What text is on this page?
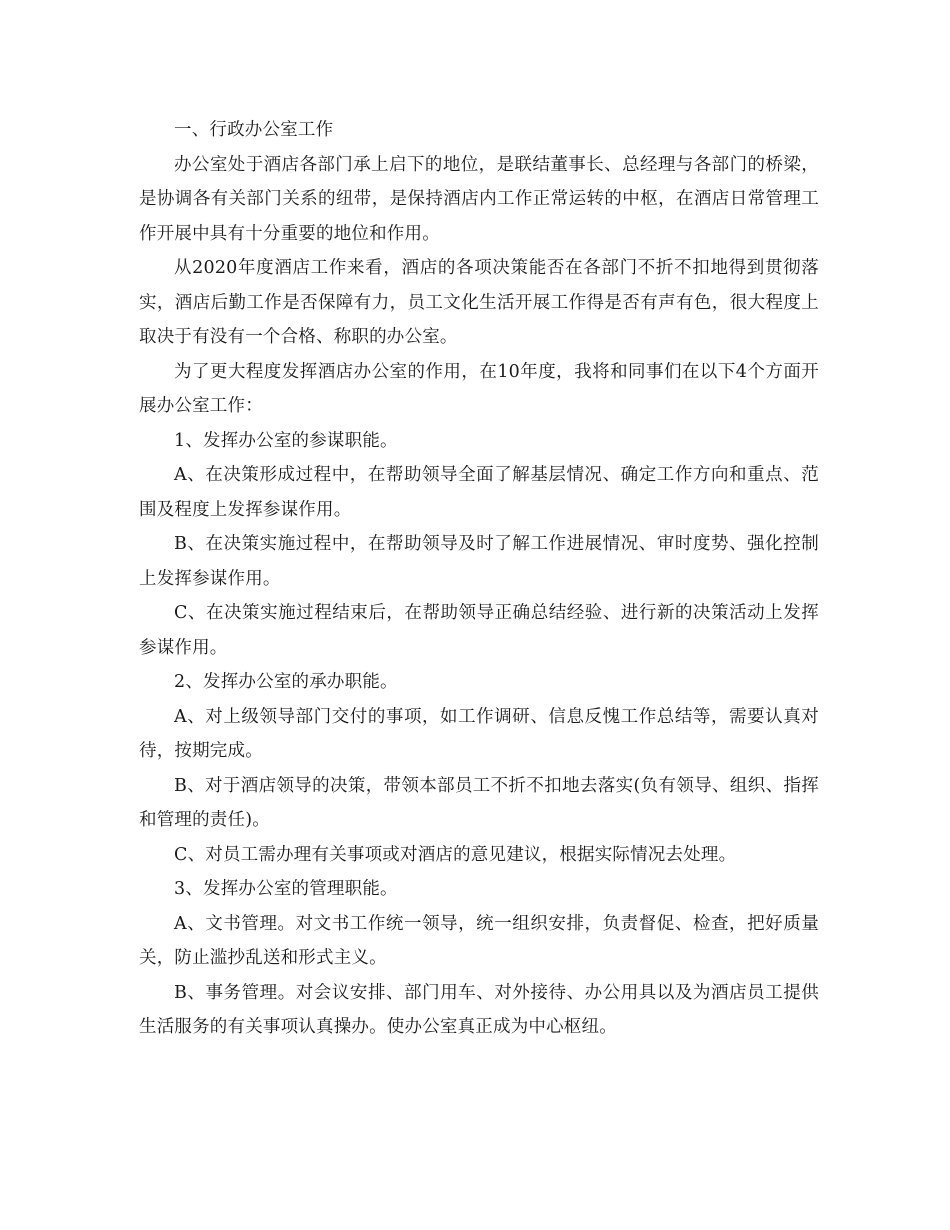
一、行政办公室工作

办公室处于酒店各部门承上启下的地位，是联结董事长、总经理与各部门的桥梁，是协调各有关部门关系的纽带，是保持酒店内工作正常运转的中枢，在酒店日常管理工作开展中具有十分重要的地位和作用。

从2020年度酒店工作来看，酒店的各项决策能否在各部门不折不扣地得到贯彻落实，酒店后勤工作是否保障有力，员工文化生活开展工作得是否有声有色，很大程度上取决于有没有一个合格、称职的办公室。

为了更大程度发挥酒店办公室的作用，在10年度，我将和同事们在以下4个方面开展办公室工作：

1、发挥办公室的参谋职能。

A、在决策形成过程中，在帮助领导全面了解基层情况、确定工作方向和重点、范围及程度上发挥参谋作用。

B、在决策实施过程中，在帮助领导及时了解工作进展情况、审时度势、强化控制上发挥参谋作用。

C、在决策实施过程结束后，在帮助领导正确总结经验、进行新的决策活动上发挥参谋作用。

2、发挥办公室的承办职能。

A、对上级领导部门交付的事项，如工作调研、信息反愧工作总结等，需要认真对待，按期完成。

B、对于酒店领导的决策，带领本部员工不折不扣地去落实(负有领导、组织、指挥和管理的责任)。

C、对员工需办理有关事项或对酒店的意见建议，根据实际情况去处理。

3、发挥办公室的管理职能。

A、文书管理。对文书工作统一领导，统一组织安排，负责督促、检查，把好质量关，防止滥抄乱送和形式主义。

B、事务管理。对会议安排、部门用车、对外接待、办公用具以及为酒店员工提供生活服务的有关事项认真操办。使办公室真正成为中心枢纽。
